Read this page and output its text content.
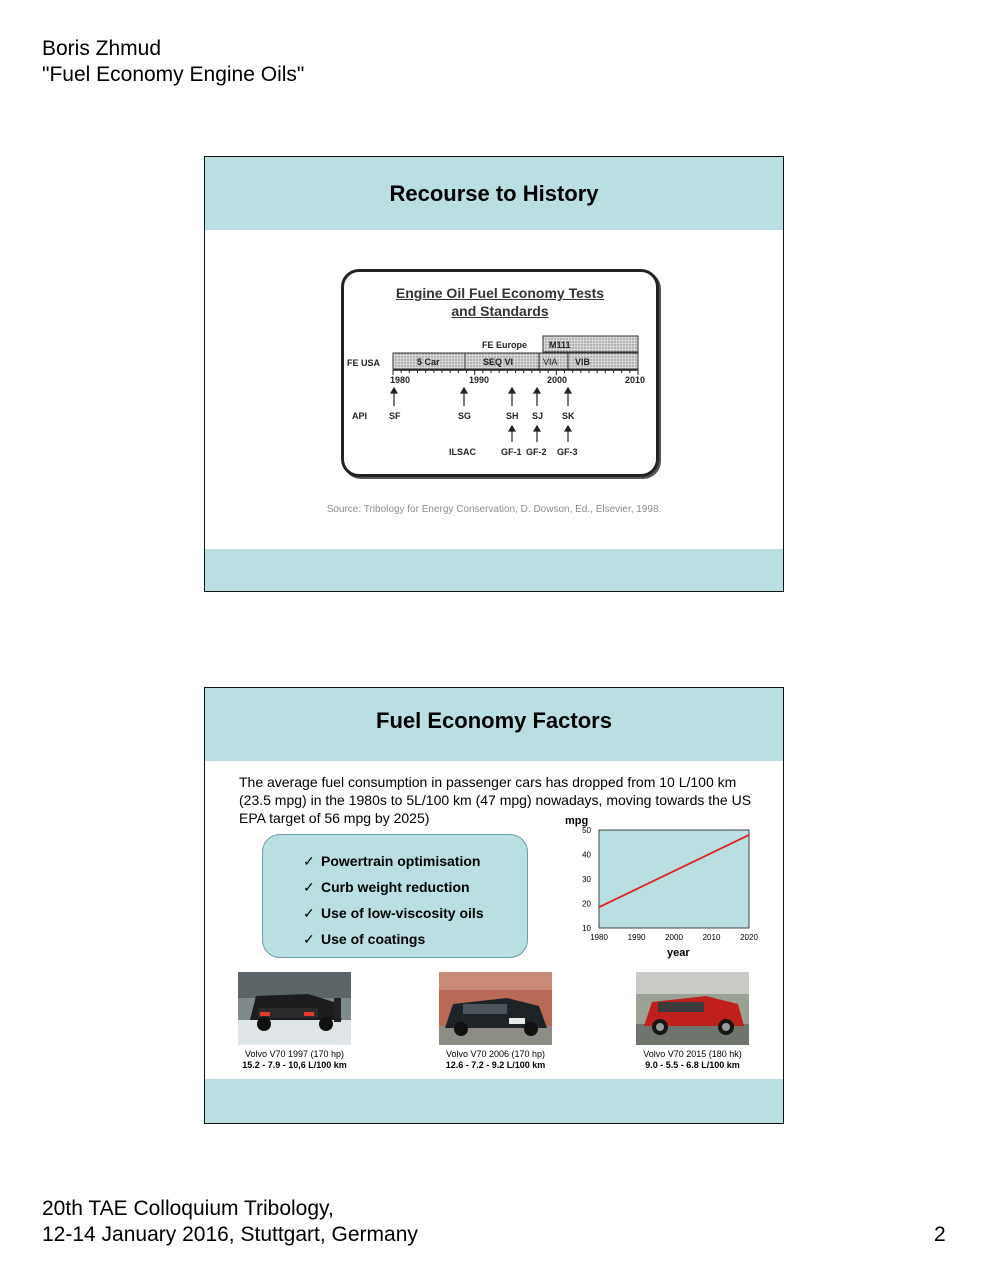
Boris Zhmud
"Fuel Economy Engine Oils"
Recourse to History
Engine Oil Fuel Economy Tests
and Standards
FE Europe M111
FE USA	5 Car	SEQ VI	VIA VIB
1980	1990	2000	2010
API SF	SG	SH SJ SK
ILSAC	GF-1 GF-2 GF-3
Source: Tribology for Energy Conservation, D. Dowson, Ed., Elsevier, 1998.
Fuel Economy Factors
The average fuel consumption in passenger cars has dropped from 10 L/100 km (23.5 mpg) in the 1980s to 5L/100 km (47 mpg) nowadays, moving towards the US EPA target of 56 mpg by 2025)
✓ Powertrain optimisation
✓ Curb weight reduction
✓ Use of low-viscosity oils
✓ Use of coatings
mpg
year
10
20
30
40
50
1980 1990 2000 2010 2020
Volvo V70 1997 (170 hp)
15.2 - 7.9 - 10,6 L/100 km
Volvo V70 2006 (170 hp)
12.6 - 7.2 - 9.2 L/100 km
Volvo V70 2015 (180 hk)
9.0 - 5.5 - 6.8 L/100 km
20th TAE Colloquium Tribology,
12-14 January 2016, Stuttgart, Germany	2
